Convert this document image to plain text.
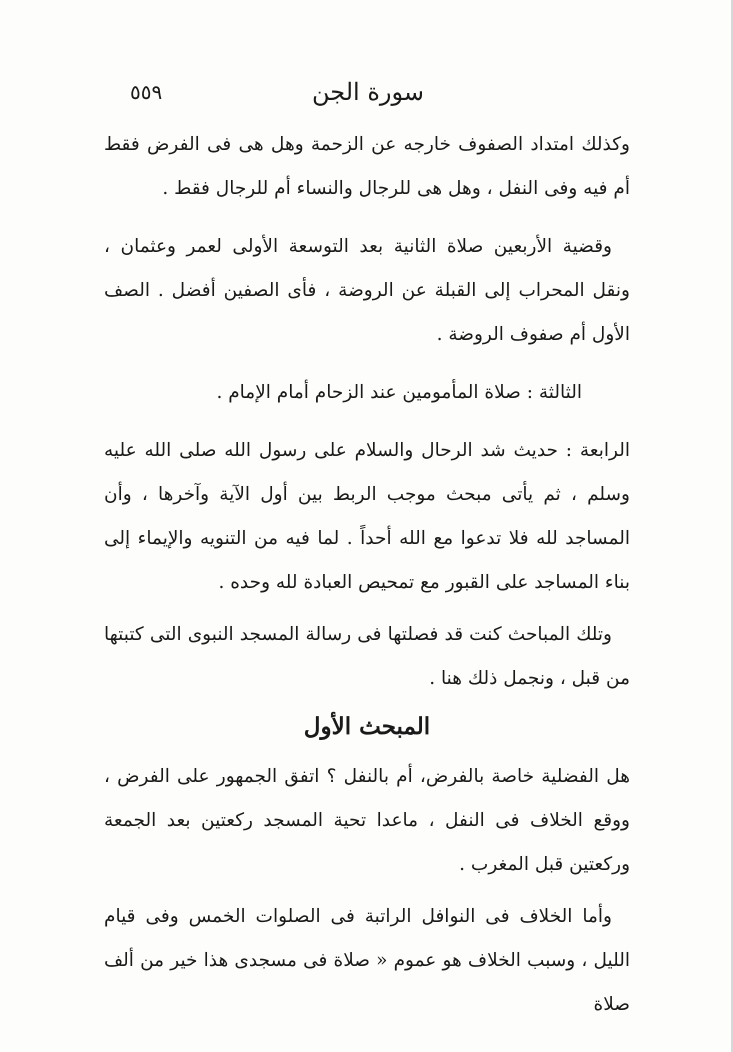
سورة الجن
٥٥٩

وكذلك امتداد الصفوف خارجه عن الزحمة وهل هى فى الفرض فقط أم فيه وفى النفل ، وهل هى للرجال والنساء أم للرجال فقط .

وقضية الأربعين صلاة الثانية بعد التوسعة الأولى لعمر وعثمان ، ونقل المحراب إلى القبلة عن الروضة ، فأى الصفين أفضل . الصف الأول أم صفوف الروضة .

الثالثة : صلاة المأمومين عند الزحام أمام الإمام .

الرابعة : حديث شد الرحال والسلام على رسول الله صلى الله عليه وسلم ، ثم يأتى مبحث موجب الربط بين أول الآية وآخرها ، وأن المساجد لله فلا تدعوا مع الله أحداً . لما فيه من التنويه والإيماء إلى بناء المساجد على القبور مع تمحيص العبادة لله وحده .

وتلك المباحث كنت قد فصلتها فى رسالة المسجد النبوى التى كتبتها من قبل ، ونجمل ذلك هنا .

المبحث الأول

هل الفضلية خاصة بالفرض، أم بالنفل ؟ اتفق الجمهور على الفرض ، ووقع الخلاف فى النفل ، ماعدا تحية المسجد ركعتين بعد الجمعة وركعتين قبل المغرب .

وأما الخلاف فى النوافل الراتبة فى الصلوات الخمس وفى قيام الليل ، وسبب الخلاف هو عموم « صلاة فى مسجدى هذا خير من ألف صلاة
